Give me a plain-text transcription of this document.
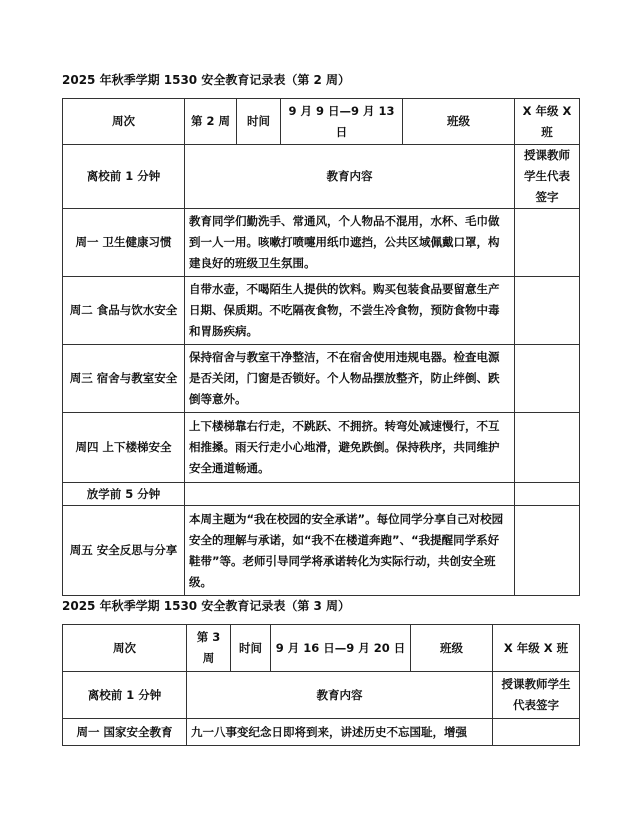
2025 年秋季学期 1530 安全教育记录表（第 2 周）
周次	第 2 周	时间	9 月 9 日—9 月 13 日	班级	X 年级 X 班
离校前 1 分钟	教育内容				授课教师学生代表签字
周一 卫生健康习惯	教育同学们勤洗手、常通风，个人物品不混用，水杯、毛巾做到一人一用。咳嗽打喷嚏用纸巾遮挡，公共区域佩戴口罩，构建良好的班级卫生氛围。				
周二 食品与饮水安全	自带水壶，不喝陌生人提供的饮料。购买包装食品要留意生产日期、保质期。不吃隔夜食物，不尝生冷食物，预防食物中毒和胃肠疾病。				
周三 宿舍与教室安全	保持宿舍与教室干净整洁，不在宿舍使用违规电器。检查电源是否关闭，门窗是否锁好。个人物品摆放整齐，防止绊倒、跌倒等意外。				
周四 上下楼梯安全	上下楼梯靠右行走，不跳跃、不拥挤。转弯处减速慢行，不互相推搡。雨天行走小心地滑，避免跌倒。保持秩序，共同维护安全通道畅通。				
放学前 5 分钟					
周五 安全反思与分享	本周主题为“我在校园的安全承诺”。每位同学分享自己对校园安全的理解与承诺，如“我不在楼道奔跑”、“我提醒同学系好鞋带”等。老师引导同学将承诺转化为实际行动，共创安全班级。				
2025 年秋季学期 1530 安全教育记录表（第 3 周）
周次	第 3 周	时间	9 月 16 日—9 月 20 日	班级	X 年级 X 班
离校前 1 分钟	教育内容				授课教师学生代表签字
周一 国家安全教育	九一八事变纪念日即将到来，讲述历史不忘国耻，增强				
